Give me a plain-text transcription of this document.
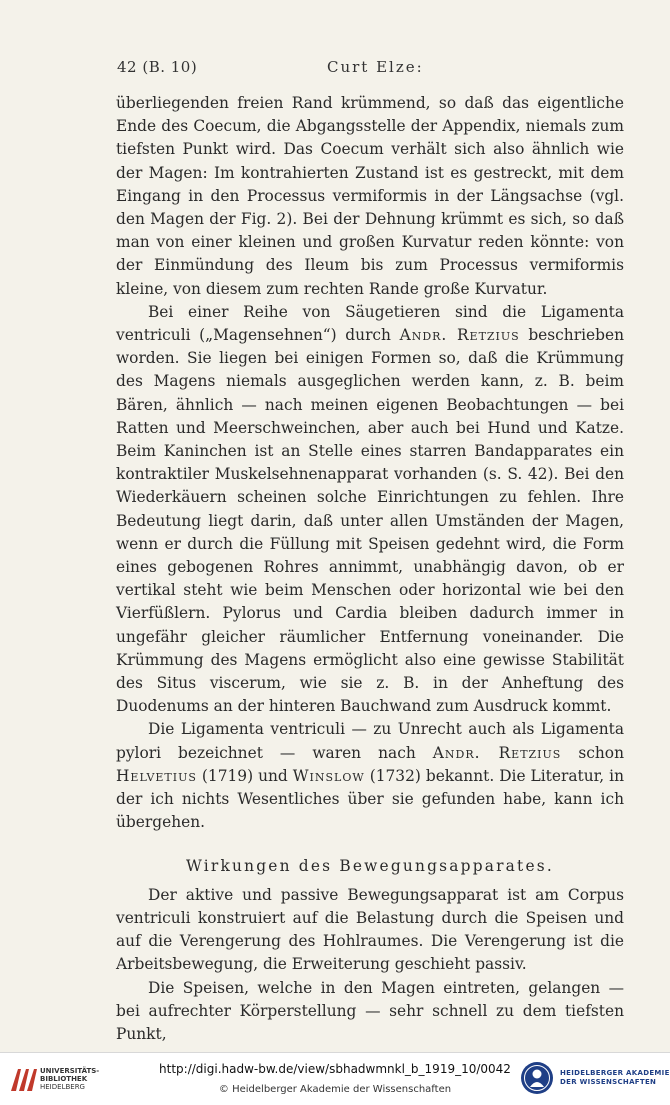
42 (B. 10)	Curt Elze:

überliegenden freien Rand krümmend, so daß das eigentliche Ende des Coecum, die Abgangsstelle der Appendix, niemals zum tiefsten Punkt wird. Das Coecum verhält sich also ähnlich wie der Magen: Im kontrahierten Zustand ist es gestreckt, mit dem Eingang in den Processus vermiformis in der Längsachse (vgl. den Magen der Fig. 2). Bei der Dehnung krümmt es sich, so daß man von einer kleinen und großen Kurvatur reden könnte: von der Einmündung des Ileum bis zum Processus vermiformis kleine, von diesem zum rechten Rande große Kurvatur.

Bei einer Reihe von Säugetieren sind die Ligamenta ventriculi („Magensehnen“) durch Andr. Retzius beschrieben worden. Sie liegen bei einigen Formen so, daß die Krümmung des Magens niemals ausgeglichen werden kann, z. B. beim Bären, ähnlich — nach meinen eigenen Beobachtungen — bei Ratten und Meerschweinchen, aber auch bei Hund und Katze. Beim Kaninchen ist an Stelle eines starren Bandapparates ein kontraktiler Muskelsehnenapparat vorhanden (s. S. 42). Bei den Wiederkäuern scheinen solche Einrichtungen zu fehlen. Ihre Bedeutung liegt darin, daß unter allen Umständen der Magen, wenn er durch die Füllung mit Speisen gedehnt wird, die Form eines gebogenen Rohres annimmt, unabhängig davon, ob er vertikal steht wie beim Menschen oder horizontal wie bei den Vierfüßlern. Pylorus und Cardia bleiben dadurch immer in ungefähr gleicher räumlicher Entfernung voneinander. Die Krümmung des Magens ermöglicht also eine gewisse Stabilität des Situs viscerum, wie sie z. B. in der Anheftung des Duodenums an der hinteren Bauchwand zum Ausdruck kommt.

Die Ligamenta ventriculi — zu Unrecht auch als Ligamenta pylori bezeichnet — waren nach Andr. Retzius schon Helvetius (1719) und Winslow (1732) bekannt. Die Literatur, in der ich nichts Wesentliches über sie gefunden habe, kann ich übergehen.

Wirkungen des Bewegungsapparates.

Der aktive und passive Bewegungsapparat ist am Corpus ventriculi konstruiert auf die Belastung durch die Speisen und auf die Verengerung des Hohlraumes. Die Verengerung ist die Arbeitsbewegung, die Erweiterung geschieht passiv.

Die Speisen, welche in den Magen eintreten, gelangen — bei aufrechter Körperstellung — sehr schnell zu dem tiefsten Punkt,

UNIVERSITÄTS-
BIBLIOTHEK
HEIDELBERG
http://digi.hadw-bw.de/view/sbhadwmnkl_b_1919_10/0042
© Heidelberger Akademie der Wissenschaften
HEIDELBERGER AKADEMIE
DER WISSENSCHAFTEN
